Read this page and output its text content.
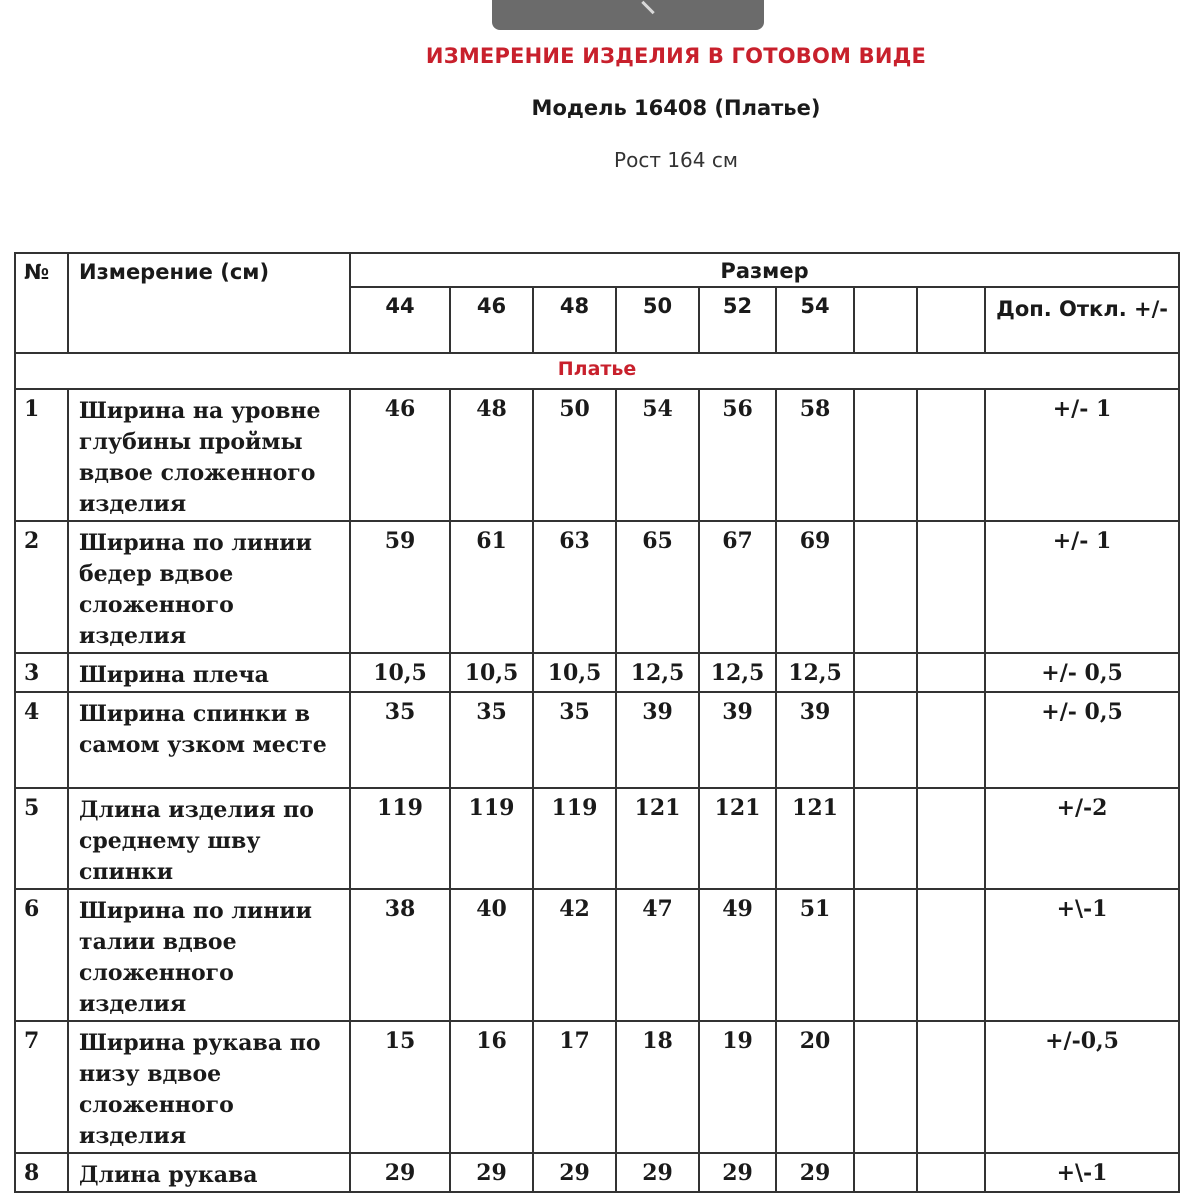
ИЗМЕРЕНИЕ ИЗДЕЛИЯ В ГОТОВОМ ВИДЕ
Модель 16408 (Платье)
Рост 164 см
№	Измерение (см)	Размер								
		44	46	48	50	52	54			Доп. Откл. +/-
Платье										
1	Ширина на уровне глубины проймы вдвое сложенного изделия	46	48	50	54	56	58			+/- 1
2	Ширина по линии бедер вдвое сложенного изделия	59	61	63	65	67	69			+/- 1
3	Ширина плеча	10,5	10,5	10,5	12,5	12,5	12,5			+/- 0,5
4	Ширина спинки в самом узком месте	35	35	35	39	39	39			+/- 0,5
5	Длина изделия по среднему шву спинки	119	119	119	121	121	121			+/-2
6	Ширина по линии талии вдвое сложенного изделия	38	40	42	47	49	51			+\-1
7	Ширина рукава по низу вдвое сложенного изделия	15	16	17	18	19	20			+/-0,5
8	Длина рукава	29	29	29	29	29	29			+\-1
